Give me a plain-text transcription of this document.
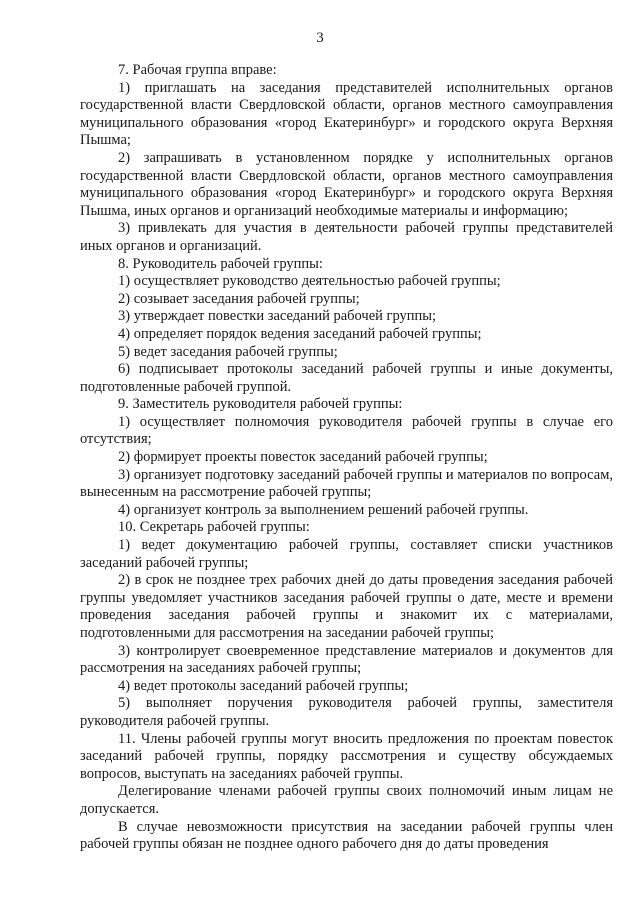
3

7. Рабочая группа вправе:

1) приглашать на заседания представителей исполнительных органов государственной власти Свердловской области, органов местного самоуправления муниципального образования «город Екатеринбург» и городского округа Верхняя Пышма;

2) запрашивать в установленном порядке у исполнительных органов государственной власти Свердловской области, органов местного самоуправления муниципального образования «город Екатеринбург» и городского округа Верхняя Пышма, иных органов и организаций необходимые материалы и информацию;

3) привлекать для участия в деятельности рабочей группы представителей иных органов и организаций.

8. Руководитель рабочей группы:

1) осуществляет руководство деятельностью рабочей группы;

2) созывает заседания рабочей группы;

3) утверждает повестки заседаний рабочей группы;

4) определяет порядок ведения заседаний рабочей группы;

5) ведет заседания рабочей группы;

6) подписывает протоколы заседаний рабочей группы и иные документы, подготовленные рабочей группой.

9. Заместитель руководителя рабочей группы:

1) осуществляет полномочия руководителя рабочей группы в случае его отсутствия;

2) формирует проекты повесток заседаний рабочей группы;

3) организует подготовку заседаний рабочей группы и материалов по вопросам, вынесенным на рассмотрение рабочей группы;

4) организует контроль за выполнением решений рабочей группы.

10. Секретарь рабочей группы:

1) ведет документацию рабочей группы, составляет списки участников заседаний рабочей группы;

2) в срок не позднее трех рабочих дней до даты проведения заседания рабочей группы уведомляет участников заседания рабочей группы о дате, месте и времени проведения заседания рабочей группы и знакомит их с материалами, подготовленными для рассмотрения на заседании рабочей группы;

3) контролирует своевременное представление материалов и документов для рассмотрения на заседаниях рабочей группы;

4) ведет протоколы заседаний рабочей группы;

5) выполняет поручения руководителя рабочей группы, заместителя руководителя рабочей группы.

11. Члены рабочей группы могут вносить предложения по проектам повесток заседаний рабочей группы, порядку рассмотрения и существу обсуждаемых вопросов, выступать на заседаниях рабочей группы.

Делегирование членами рабочей группы своих полномочий иным лицам не допускается.

В случае невозможности присутствия на заседании рабочей группы член рабочей группы обязан не позднее одного рабочего дня до даты проведения
